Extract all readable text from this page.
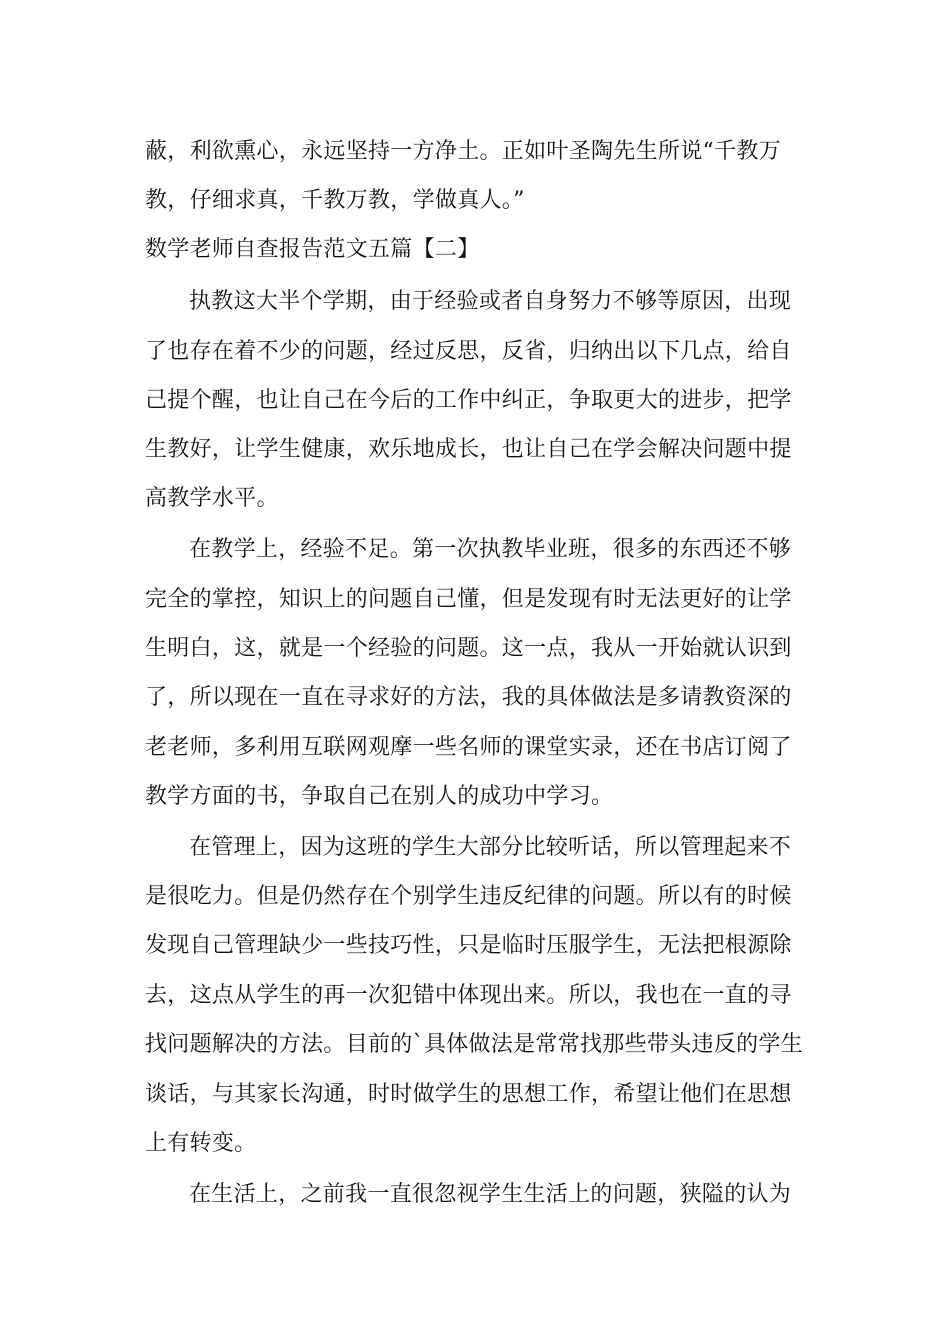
蔽，利欲熏心，永远坚持一方净土。正如叶圣陶先生所说“千教万
教，仔细求真，千教万教，学做真人。”
数学老师自查报告范文五篇【二】
执教这大半个学期，由于经验或者自身努力不够等原因，出现
了也存在着不少的问题，经过反思，反省，归纳出以下几点，给自
己提个醒，也让自己在今后的工作中纠正，争取更大的进步，把学
生教好，让学生健康，欢乐地成长，也让自己在学会解决问题中提
高教学水平。
在教学上，经验不足。第一次执教毕业班，很多的东西还不够
完全的掌控，知识上的问题自己懂，但是发现有时无法更好的让学
生明白，这，就是一个经验的问题。这一点，我从一开始就认识到
了，所以现在一直在寻求好的方法，我的具体做法是多请教资深的
老老师，多利用互联网观摩一些名师的课堂实录，还在书店订阅了
教学方面的书，争取自己在别人的成功中学习。
在管理上，因为这班的学生大部分比较听话，所以管理起来不
是很吃力。但是仍然存在个别学生违反纪律的问题。所以有的时候
发现自己管理缺少一些技巧性，只是临时压服学生，无法把根源除
去，这点从学生的再一次犯错中体现出来。所以，我也在一直的寻
找问题解决的方法。目前的`具体做法是常常找那些带头违反的学生
谈话，与其家长沟通，时时做学生的思想工作，希望让他们在思想
上有转变。
在生活上，之前我一直很忽视学生生活上的问题，狭隘的认为
